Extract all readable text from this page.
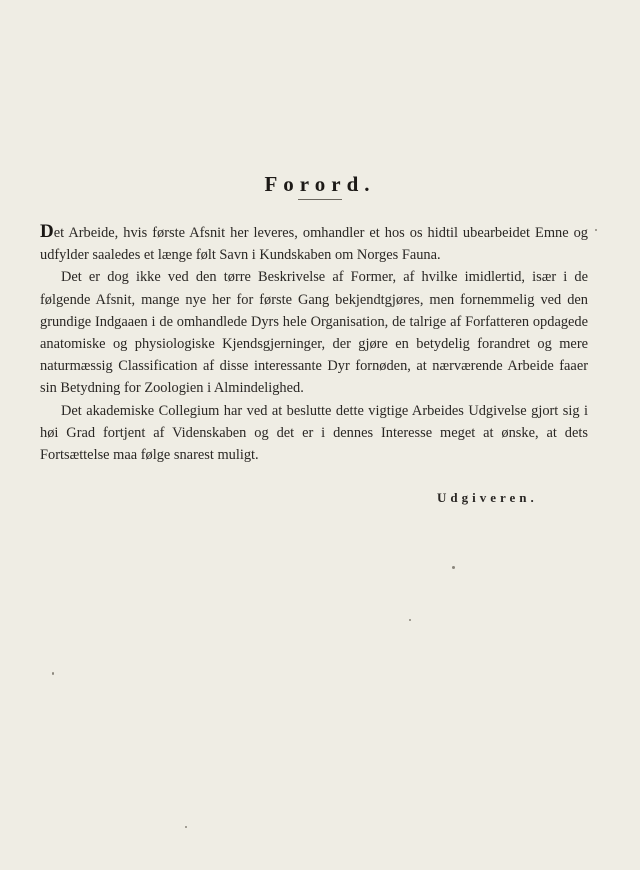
Forord.

Det Arbeide, hvis første Afsnit her leveres, omhandler et hos os hidtil ubearbeidet Emne og udfylder saaledes et længe følt Savn i Kundskaben om Norges Fauna.

Det er dog ikke ved den tørre Beskrivelse af Former, af hvilke imidlertid, især i de følgende Afsnit, mange nye her for første Gang bekjendtgjøres, men fornemmelig ved den grundige Indgaaen i de omhandlede Dyrs hele Organisation, de talrige af Forfatteren opdagede anatomiske og physiologiske Kjendsgjerninger, der gjøre en betydelig forandret og mere naturmæssig Classification af disse interessante Dyr fornøden, at nærværende Arbeide faaer sin Betydning for Zoologien i Almindelighed.

Det akademiske Collegium har ved at beslutte dette vigtige Arbeides Udgivelse gjort sig i høi Grad fortjent af Videnskaben og det er i dennes Interesse meget at ønske, at dets Fortsættelse maa følge snarest muligt.

Udgiveren.
